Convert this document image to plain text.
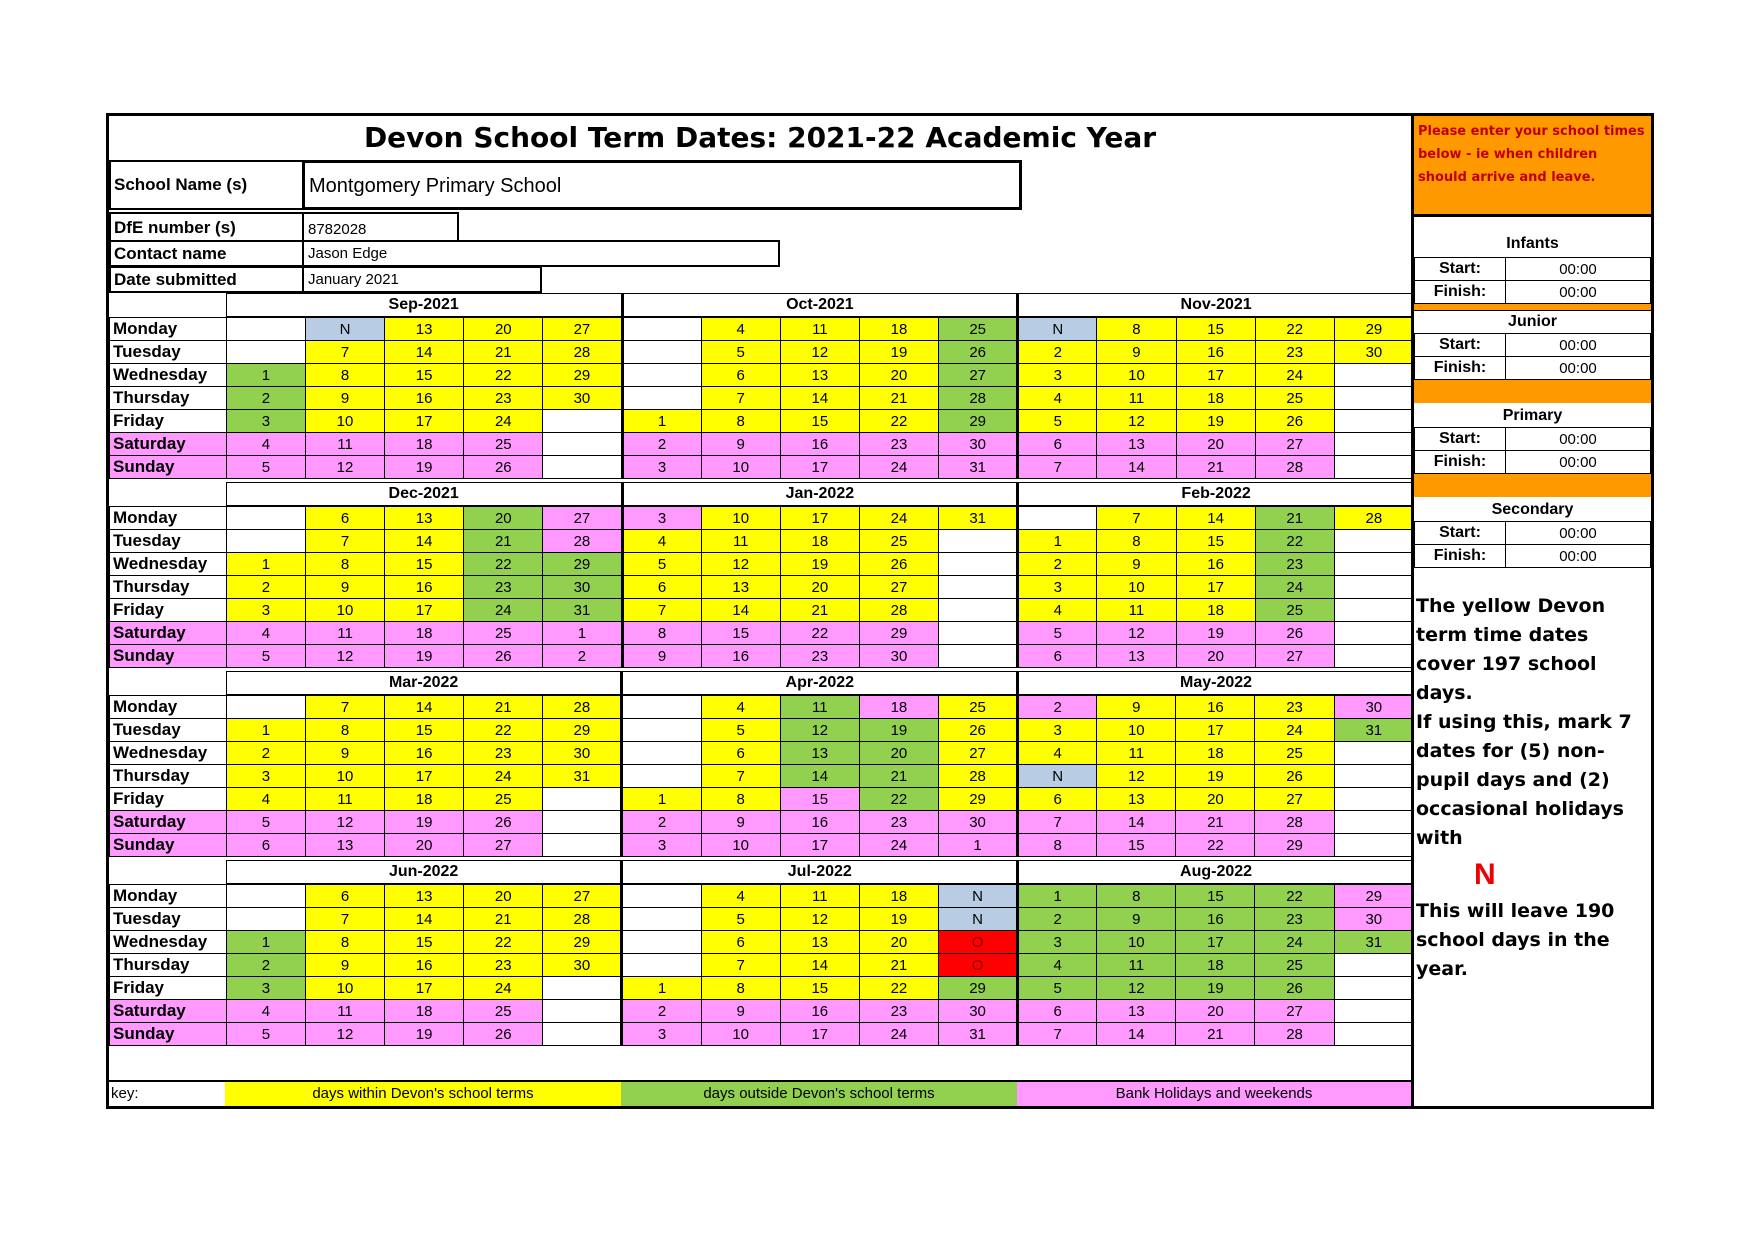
Devon School Term Dates: 2021-22 Academic Year
School Name (s)	Montgomery Primary School
DfE number (s)	8782028
Contact name	Jason Edge
Date submitted	January 2021
	Sep-2021					Oct-2021					Nov-2021				
Monday		N	13	20	27		4	11	18	25	N	8	15	22	29
Tuesday		7	14	21	28		5	12	19	26	2	9	16	23	30
Wednesday	1	8	15	22	29		6	13	20	27	3	10	17	24	
Thursday	2	9	16	23	30		7	14	21	28	4	11	18	25	
Friday	3	10	17	24		1	8	15	22	29	5	12	19	26	
Saturday	4	11	18	25		2	9	16	23	30	6	13	20	27	
Sunday	5	12	19	26		3	10	17	24	31	7	14	21	28	
	Dec-2021					Jan-2022					Feb-2022				
Monday		6	13	20	27	3	10	17	24	31		7	14	21	28
Tuesday		7	14	21	28	4	11	18	25		1	8	15	22	
Wednesday	1	8	15	22	29	5	12	19	26		2	9	16	23	
Thursday	2	9	16	23	30	6	13	20	27		3	10	17	24	
Friday	3	10	17	24	31	7	14	21	28		4	11	18	25	
Saturday	4	11	18	25	1	8	15	22	29		5	12	19	26	
Sunday	5	12	19	26	2	9	16	23	30		6	13	20	27	
	Mar-2022					Apr-2022					May-2022				
Monday		7	14	21	28		4	11	18	25	2	9	16	23	30
Tuesday	1	8	15	22	29		5	12	19	26	3	10	17	24	31
Wednesday	2	9	16	23	30		6	13	20	27	4	11	18	25	
Thursday	3	10	17	24	31		7	14	21	28	N	12	19	26	
Friday	4	11	18	25		1	8	15	22	29	6	13	20	27	
Saturday	5	12	19	26		2	9	16	23	30	7	14	21	28	
Sunday	6	13	20	27		3	10	17	24	1	8	15	22	29	
	Jun-2022					Jul-2022					Aug-2022				
Monday		6	13	20	27		4	11	18	N	1	8	15	22	29
Tuesday		7	14	21	28		5	12	19	N	2	9	16	23	30
Wednesday	1	8	15	22	29		6	13	20	O	3	10	17	24	31
Thursday	2	9	16	23	30		7	14	21	O	4	11	18	25	
Friday	3	10	17	24		1	8	15	22	29	5	12	19	26	
Saturday	4	11	18	25		2	9	16	23	30	6	13	20	27	
Sunday	5	12	19	26		3	10	17	24	31	7	14	21	28	
key:	days within Devon's school terms	days outside Devon's school terms	Bank Holidays and weekends
Please enter your school times below - ie when children should arrive and leave.
Infants
Start:	00:00
Finish:	00:00
Junior
Start:	00:00
Finish:	00:00
Primary
Start:	00:00
Finish:	00:00
Secondary
Start:	00:00
Finish:	00:00
The yellow Devon term time dates cover 197 school days.
If using this, mark 7 dates for (5) non-pupil days and (2) occasional holidays with
N
This will leave 190 school days in the year.
